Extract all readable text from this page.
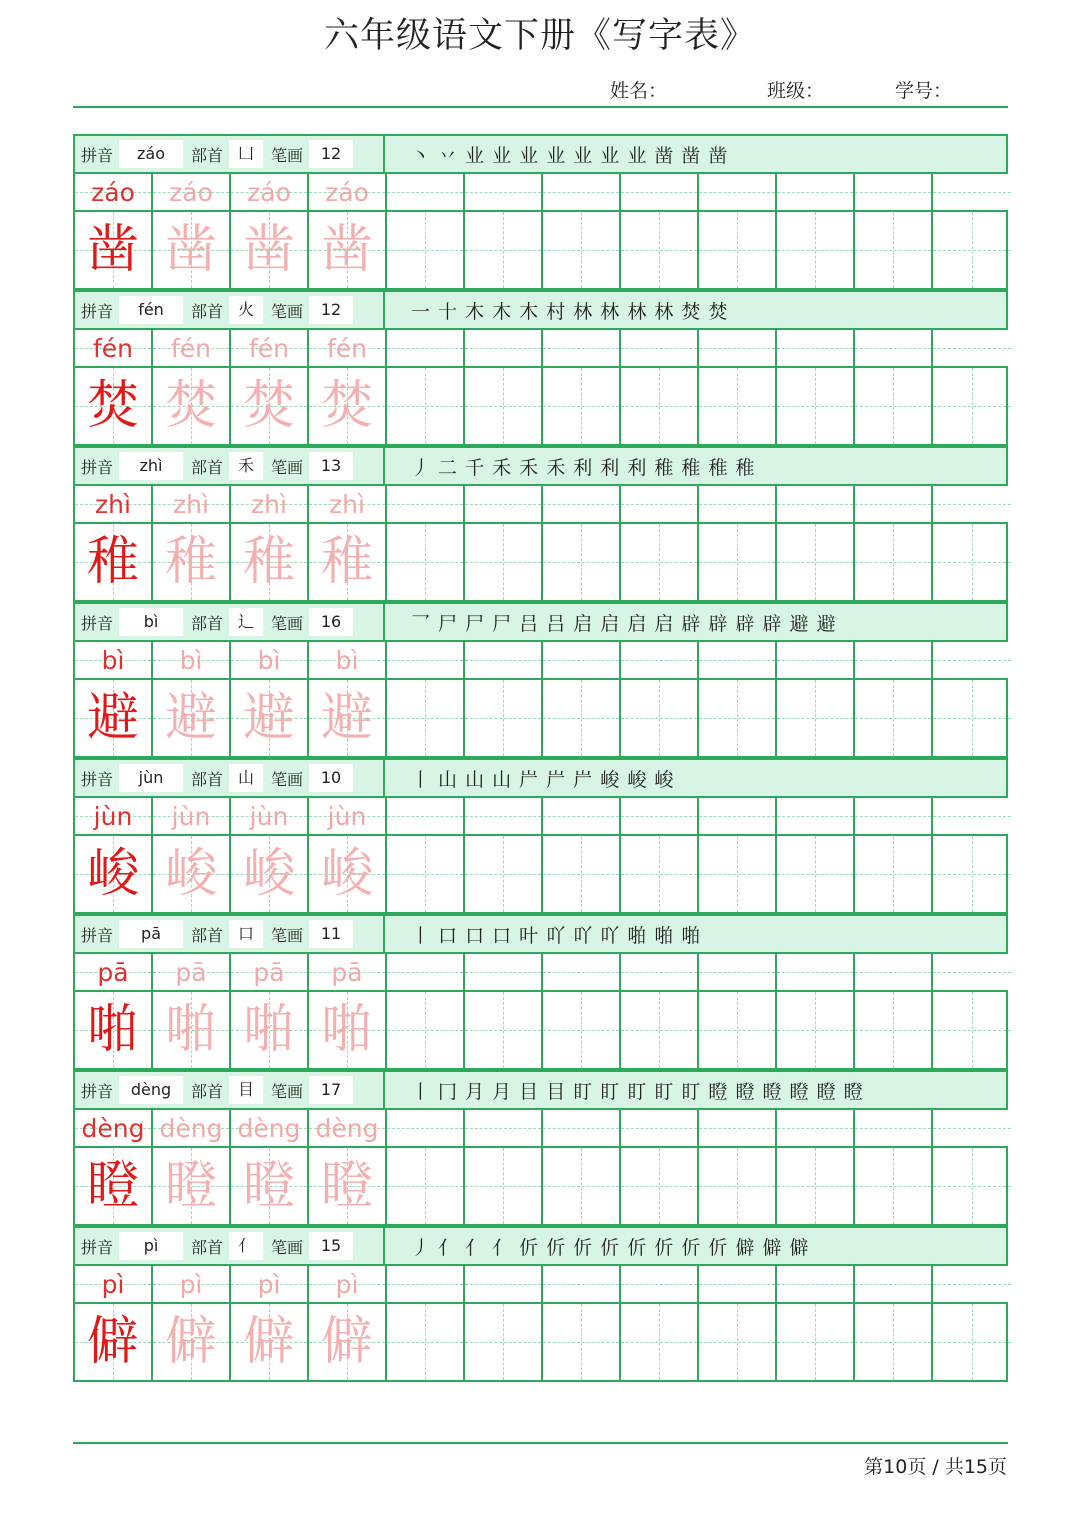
六年级语文下册《写字表》
姓名：	班级：	学号：
拼音	záo	部首 凵	笔画	12	丶 丷 业 业 业 业 业 业 业 凿 凿 凿
záo záo záo záo
凿 凿 凿 凿
拼音	fén	部首 火	笔画	12	一 十 木 木 木 村 林 林 林 林 焚 焚
fén fén fén fén
焚 焚 焚 焚
拼音	zhì	部首 禾	笔画	13	丿 二 千 禾 禾 禾 利 利 利 稚 稚 稚 稚
zhì zhì zhì zhì
稚 稚 稚 稚
拼音	bì	部首 辶	笔画	16	乛 尸 尸 尸 吕 吕 启 启 启 启 辟 辟 辟 辟 避 避
bì bì bì bì
避 避 避 避
拼音	jùn	部首 山	笔画	10	丨 山 山 山 屵 屵 屵 峻 峻 峻
jùn jùn jùn jùn
峻 峻 峻 峻
拼音	pā	部首 口	笔画	11	丨 口 口 口 叶 吖 吖 吖 啪 啪 啪
pā pā pā pā
啪 啪 啪 啪
拼音	dèng	部首 目	笔画	17	丨 冂 月 月 目 目 盯 盯 盯 盯 盯 瞪 瞪 瞪 瞪 瞪 瞪
dèng dèng dèng dèng
瞪 瞪 瞪 瞪
拼音	pì	部首 亻	笔画	15	丿 亻 亻 亻 伒 伒 伒 伒 伒 伒 伒 伒 僻 僻 僻
pì pì pì pì
僻 僻 僻 僻
第10页 / 共15页
